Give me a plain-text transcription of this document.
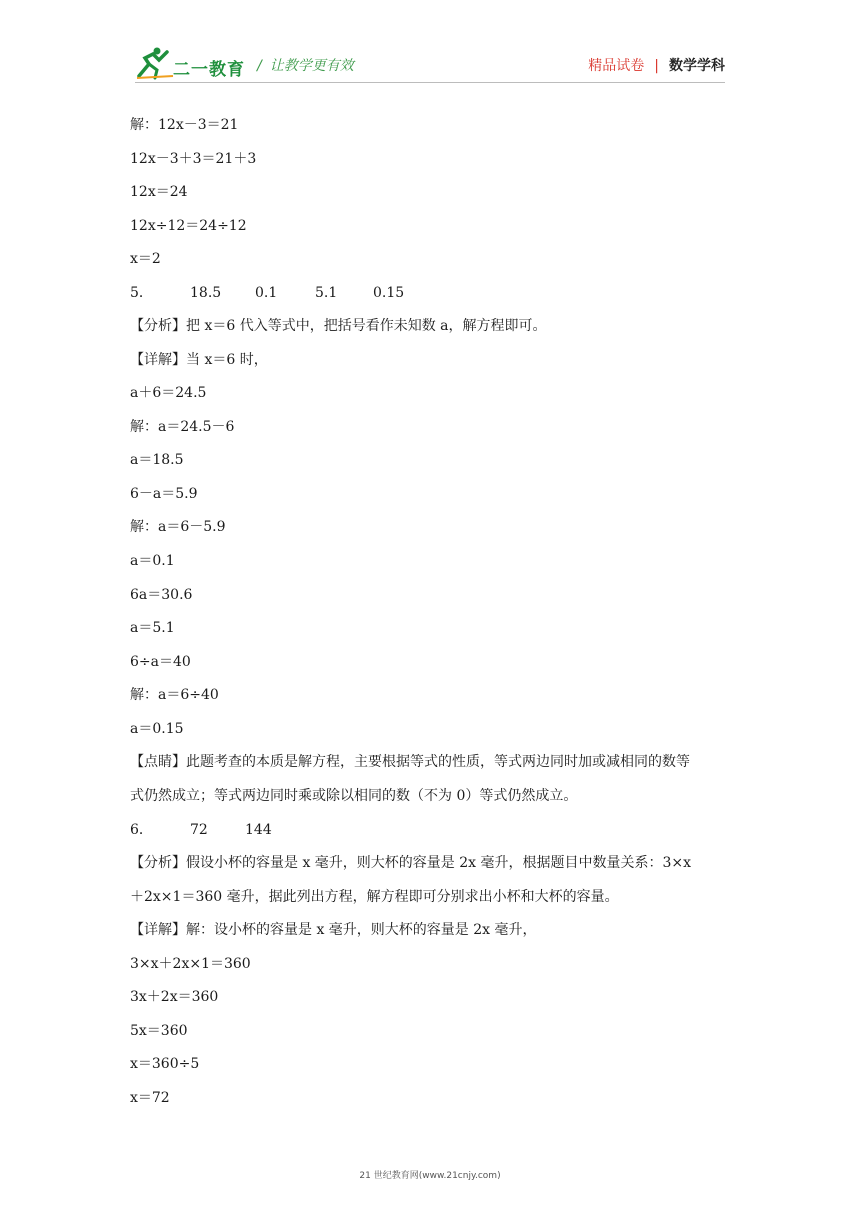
二一教育 / 让教学更有效	精品试卷 | 数学学科
解：12x－3＝21
12x－3＋3＝21＋3
12x＝24
12x÷12＝24÷12
x＝2
5．	18.5 0.1	5.1	0.15
【分析】把 x＝6 代入等式中，把括号看作未知数 a，解方程即可。
【详解】当 x＝6 时，
a＋6＝24.5
解：a＝24.5－6
a＝18.5
6－a＝5.9
解：a＝6－5.9
a＝0.1
6a＝30.6
a＝5.1
6÷a＝40
解：a＝6÷40
a＝0.15
【点睛】此题考查的本质是解方程，主要根据等式的性质，等式两边同时加或减相同的数等
式仍然成立；等式两边同时乘或除以相同的数（不为 0）等式仍然成立。
6．	72	144
【分析】假设小杯的容量是 x 毫升，则大杯的容量是 2x 毫升，根据题目中数量关系：3×x
＋2x×1＝360 毫升，据此列出方程，解方程即可分别求出小杯和大杯的容量。
【详解】解：设小杯的容量是 x 毫升，则大杯的容量是 2x 毫升，
3×x＋2x×1＝360
3x＋2x＝360
5x＝360
x＝360÷5
x＝72
21 世纪教育网(www.21cnjy.com)
